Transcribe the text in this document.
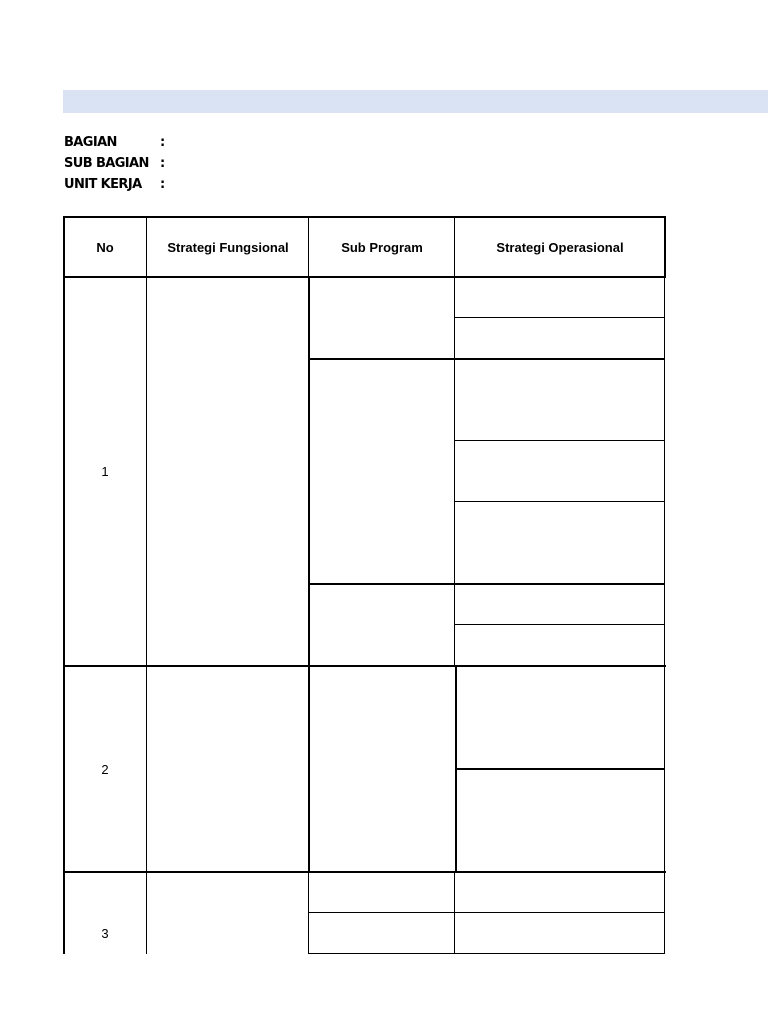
BAGIAN	:
SUB BAGIAN :
UNIT KERJA :
No	Strategi Fungsional	Sub Program	Strategi Operasional
1
2
3
